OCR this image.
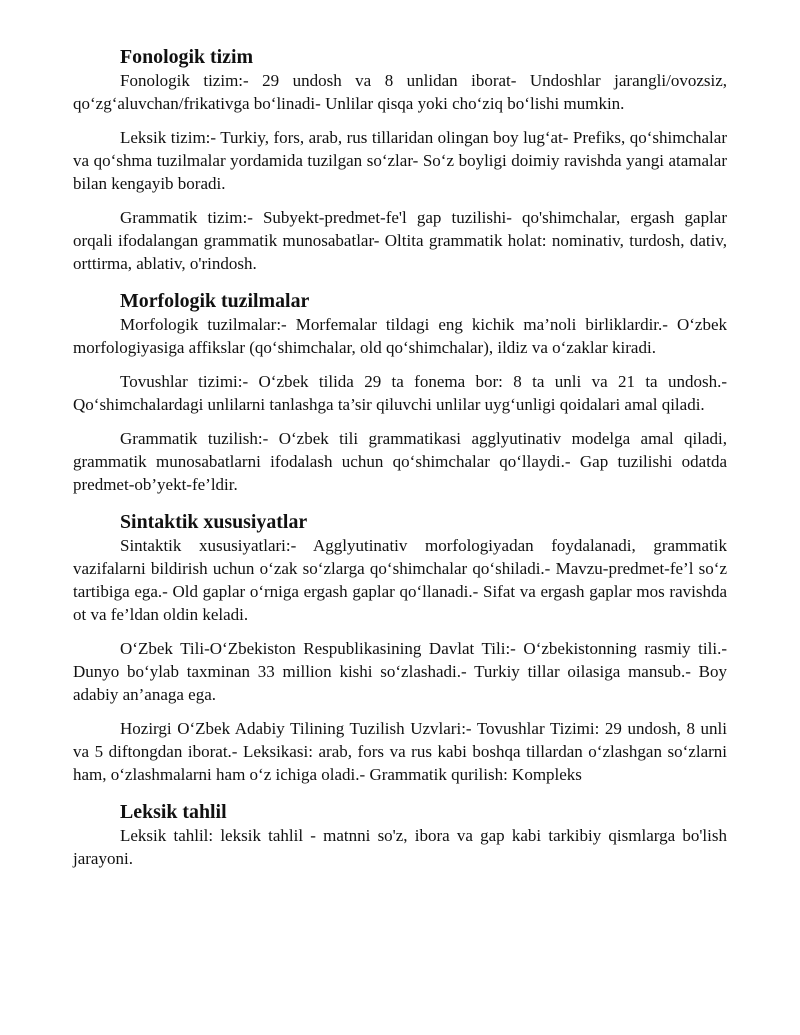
Fonologik tizim

Fonologik tizim:- 29 undosh va 8 unlidan iborat- Undoshlar jarangli/ovozsiz, qo‘zg‘aluvchan/frikativga bo‘linadi- Unlilar qisqa yoki cho‘ziq bo‘lishi mumkin.

Leksik tizim:- Turkiy, fors, arab, rus tillaridan olingan boy lug‘at- Prefiks, qo‘shimchalar va qo‘shma tuzilmalar yordamida tuzilgan so‘zlar- So‘z boyligi doimiy ravishda yangi atamalar bilan kengayib boradi.

Grammatik tizim:- Subyekt-predmet-fe'l gap tuzilishi- qo'shimchalar, ergash gaplar orqali ifodalangan grammatik munosabatlar- Oltita grammatik holat: nominativ, turdosh, dativ, orttirma, ablativ, o'rindosh.

Morfologik tuzilmalar

Morfologik tuzilmalar:- Morfemalar tildagi eng kichik ma’noli birliklardir.- O‘zbek morfologiyasiga affikslar (qo‘shimchalar, old qo‘shimchalar), ildiz va o‘zaklar kiradi.

Tovushlar tizimi:- O‘zbek tilida 29 ta fonema bor: 8 ta unli va 21 ta undosh.- Qo‘shimchalardagi unlilarni tanlashga ta’sir qiluvchi unlilar uyg‘unligi qoidalari amal qiladi.

Grammatik tuzilish:- O‘zbek tili grammatikasi agglyutinativ modelga amal qiladi, grammatik munosabatlarni ifodalash uchun qo‘shimchalar qo‘llaydi.- Gap tuzilishi odatda predmet-ob’yekt-fe’ldir.

Sintaktik xususiyatlar

Sintaktik xususiyatlari:- Agglyutinativ morfologiyadan foydalanadi, grammatik vazifalarni bildirish uchun o‘zak so‘zlarga qo‘shimchalar qo‘shiladi.- Mavzu-predmet-fe’l so‘z tartibiga ega.- Old gaplar o‘rniga ergash gaplar qo‘llanadi.- Sifat va ergash gaplar mos ravishda ot va fe’ldan oldin keladi.

O‘Zbek Tili-O‘Zbekiston Respublikasining Davlat Tili:- O‘zbekistonning rasmiy tili.- Dunyo bo‘ylab taxminan 33 million kishi so‘zlashadi.- Turkiy tillar oilasiga mansub.- Boy adabiy an’anaga ega.

Hozirgi O‘Zbek Adabiy Tilining Tuzilish Uzvlari:- Tovushlar Tizimi: 29 undosh, 8 unli va 5 diftongdan iborat.- Leksikasi: arab, fors va rus kabi boshqa tillardan o‘zlashgan so‘zlarni ham, o‘zlashmalarni ham o‘z ichiga oladi.- Grammatik qurilish: Kompleks

Leksik tahlil

Leksik tahlil: leksik tahlil - matnni so'z, ibora va gap kabi tarkibiy qismlarga bo'lish jarayoni.
